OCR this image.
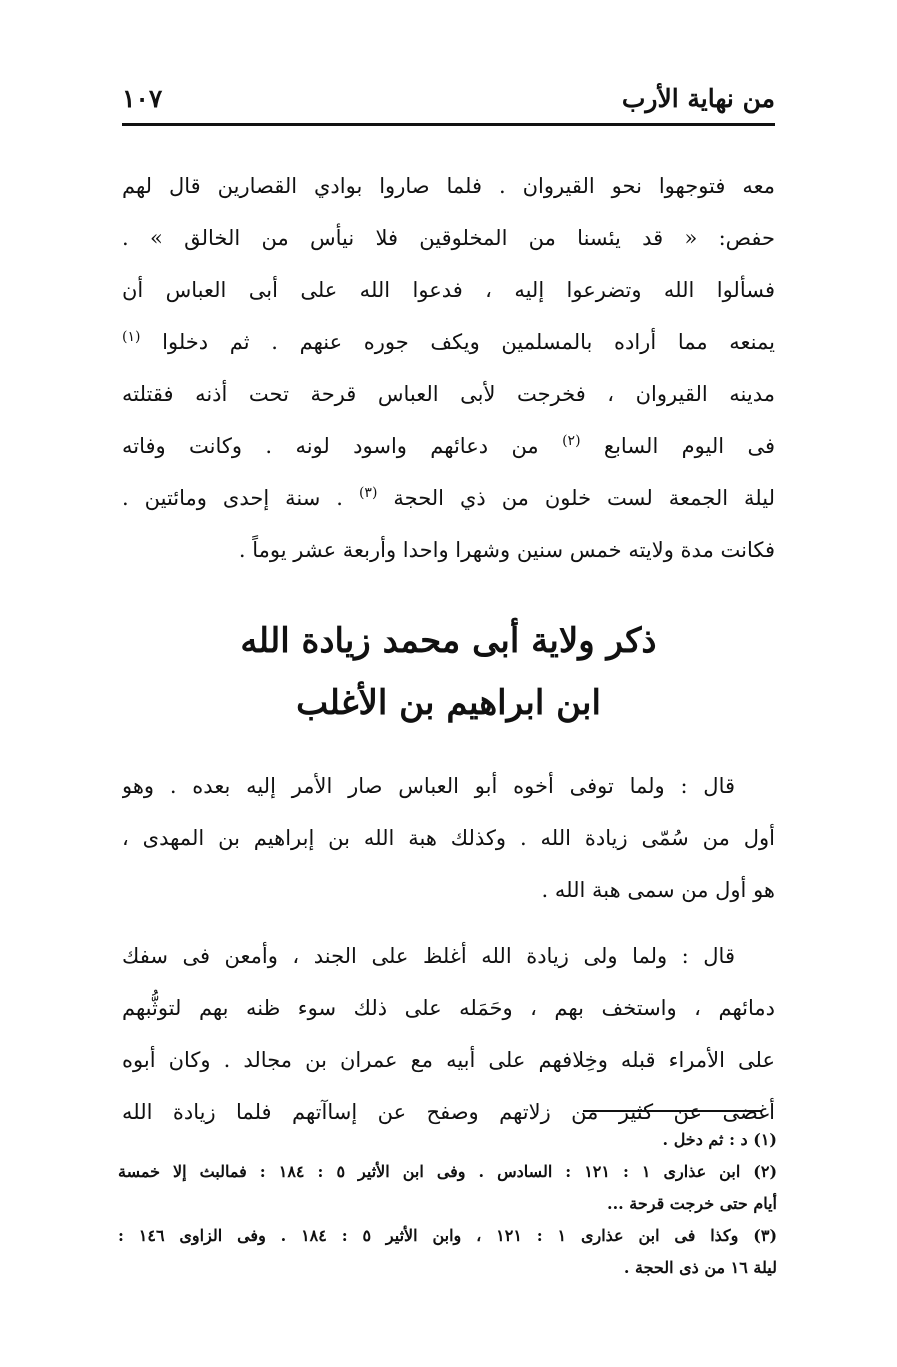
من نهاية الأرب
١٠٧

معه فتوجهوا نحو القيروان . فلما صاروا بوادي القصارين قال لهم
حفص: « قد يئسنا من المخلوقين فلا نيأس من الخالق » .
فسألوا الله وتضرعوا إليه ، فدعوا الله على أبى العباس أن
يمنعه مما أراده بالمسلمين ويكف جوره عنهم . ثم دخلوا $^{(١)}$
مدينه القيروان ، فخرجت لأبى العباس قرحة تحت أذنه فقتلته
فى اليوم السابع $^{(٢)}$ من دعائهم واسود لونه . وكانت وفاته
ليلة الجمعة لست خلون من ذي الحجة $^{(٣)}$ . سنة إحدى ومائتين .
فكانت مدة ولايته خمس سنين وشهرا واحدا وأربعة عشر يوماً .

ذكر ولاية أبى محمد زيادة الله
ابن ابراهيم بن الأغلب

قال : ولما توفى أخوه أبو العباس صار الأمر إليه بعده . وهو
أول من سُمّى زيادة الله . وكذلك هبة الله بن إبراهيم بن المهدى ،
هو أول من سمى هبة الله .

قال : ولما ولى زيادة الله أغلظ على الجند ، وأمعن فى سفك
دمائهم ، واستخف بهم ، وحَمَله على ذلك سوء ظنه بهم لتوثُّبهم
على الأمراء قبله وخِلافهم على أبيه مع عمران بن مجالد . وكان أبوه
أغضى عن كثير من زلاتهم وصفح عن إساآتهم فلما زيادة الله

(١) د : ثم دخل .

(٢) ابن عذارى ١ : ١٢١ : السادس . وفى ابن الأثير ٥ : ١٨٤ : فمالبث إلا خمسة
أيام حتى خرجت قرحة ...

(٣) وكذا فى ابن عذارى ١ : ١٢١ ، وابن الأثير ٥ : ١٨٤ . وفى الزاوى ١٤٦ :
ليلة ١٦ من ذى الحجة .
